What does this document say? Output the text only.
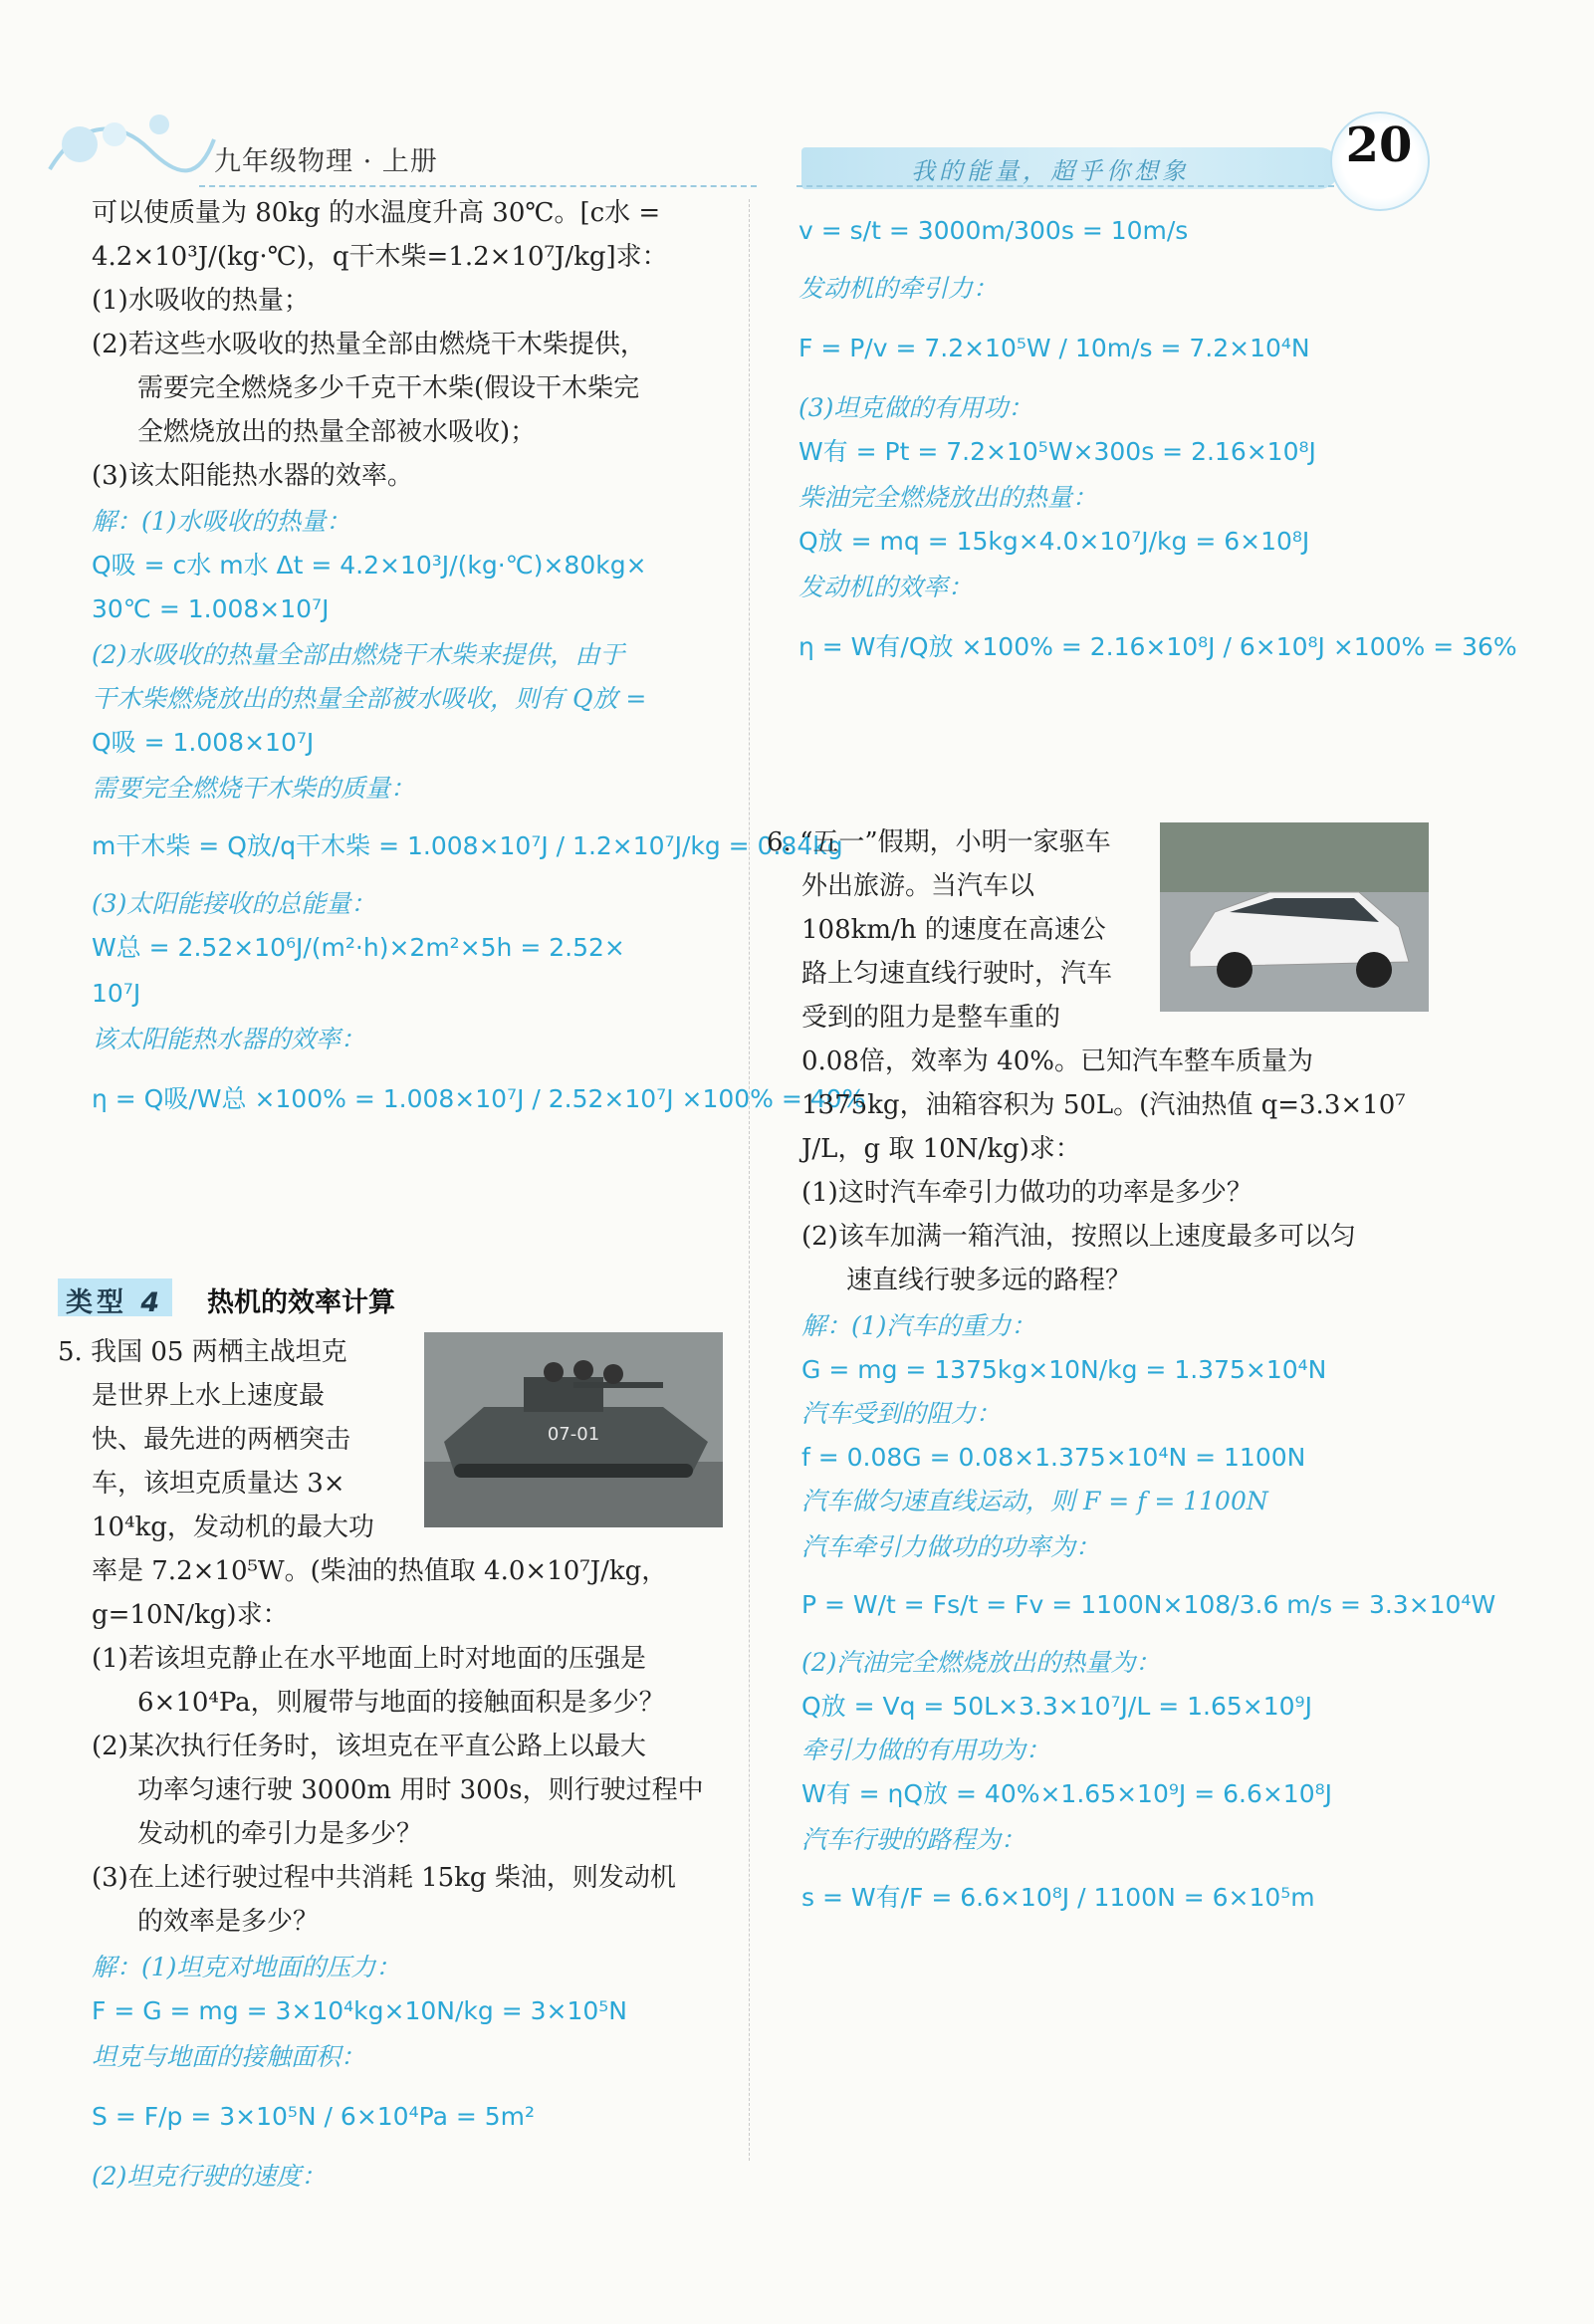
九年级物理 · 上册	我的能量，超乎你想象	20
可以使质量为 80kg 的水温度升高 30℃。[c水 =
4.2×10³J/(kg·℃)，q干木柴=1.2×10⁷J/kg]求：
(1)水吸收的热量；
(2)若这些水吸收的热量全部由燃烧干木柴提供，
需要完全燃烧多少千克干木柴(假设干木柴完
全燃烧放出的热量全部被水吸收)；
(3)该太阳能热水器的效率。
解：(1)水吸收的热量：
Q吸 = c水 m水 Δt = 4.2×10³J/(kg·℃)×80kg×
30℃ = 1.008×10⁷J
(2)水吸收的热量全部由燃烧干木柴来提供，由于
干木柴燃烧放出的热量全部被水吸收，则有 Q放 =
Q吸 = 1.008×10⁷J
需要完全燃烧干木柴的质量：
m干木柴 = Q放/q干木柴 = 1.008×10⁷J / 1.2×10⁷J/kg = 0.84kg
(3)太阳能接收的总能量：
W总 = 2.52×10⁶J/(m²·h)×2m²×5h = 2.52×
10⁷J
该太阳能热水器的效率：
η = Q吸/W总 ×100% = 1.008×10⁷J / 2.52×10⁷J ×100% = 40%
类型 4 热机的效率计算
07-01
5. 我国 05 两栖主战坦克
是世界上水上速度最
快、最先进的两栖突击
车，该坦克质量达 3×
10⁴kg，发动机的最大功
率是 7.2×10⁵W。(柴油的热值取 4.0×10⁷J/kg，
g=10N/kg)求：
(1)若该坦克静止在水平地面上时对地面的压强是
6×10⁴Pa，则履带与地面的接触面积是多少？
(2)某次执行任务时，该坦克在平直公路上以最大
功率匀速行驶 3000m 用时 300s，则行驶过程中
发动机的牵引力是多少？
(3)在上述行驶过程中共消耗 15kg 柴油，则发动机
的效率是多少？
解：(1)坦克对地面的压力：
F = G = mg = 3×10⁴kg×10N/kg = 3×10⁵N
坦克与地面的接触面积：
S = F/p = 3×10⁵N / 6×10⁴Pa = 5m²
(2)坦克行驶的速度：
v = s/t = 3000m/300s = 10m/s
发动机的牵引力：
F = P/v = 7.2×10⁵W / 10m/s = 7.2×10⁴N
(3)坦克做的有用功：
W有 = Pt = 7.2×10⁵W×300s = 2.16×10⁸J
柴油完全燃烧放出的热量：
Q放 = mq = 15kg×4.0×10⁷J/kg = 6×10⁸J
发动机的效率：
η = W有/Q放 ×100% = 2.16×10⁸J / 6×10⁸J ×100% = 36%
6. “五一”假期，小明一家驱车
外出旅游。当汽车以
108km/h 的速度在高速公
路上匀速直线行驶时，汽车
受到的阻力是整车重的
0.08倍，效率为 40%。已知汽车整车质量为
1375kg，油箱容积为 50L。(汽油热值 q=3.3×10⁷
J/L，g 取 10N/kg)求：
(1)这时汽车牵引力做功的功率是多少？
(2)该车加满一箱汽油，按照以上速度最多可以匀
速直线行驶多远的路程？
解：(1)汽车的重力：
G = mg = 1375kg×10N/kg = 1.375×10⁴N
汽车受到的阻力：
f = 0.08G = 0.08×1.375×10⁴N = 1100N
汽车做匀速直线运动，则 F = f = 1100N
汽车牵引力做功的功率为：
P = W/t = Fs/t = Fv = 1100N×108/3.6 m/s = 3.3×10⁴W
(2)汽油完全燃烧放出的热量为：
Q放 = Vq = 50L×3.3×10⁷J/L = 1.65×10⁹J
牵引力做的有用功为：
W有 = ηQ放 = 40%×1.65×10⁹J = 6.6×10⁸J
汽车行驶的路程为：
s = W有/F = 6.6×10⁸J / 1100N = 6×10⁵m
